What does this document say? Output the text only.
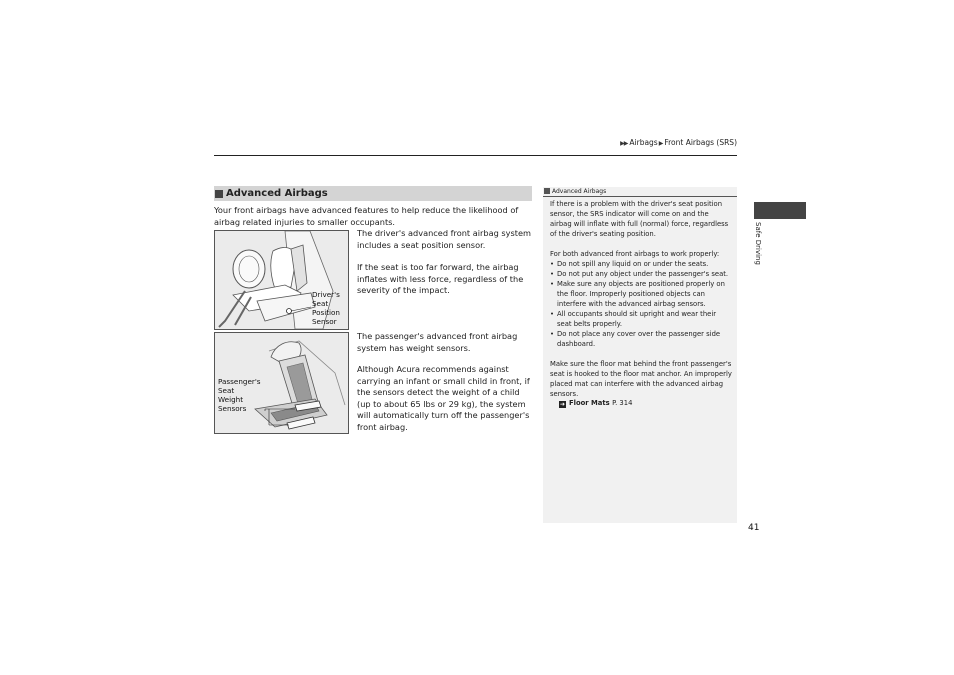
▶▶ Airbags▶ Front Airbags (SRS)
Advanced Airbags
Your front airbags have advanced features to help reduce the likelihood of airbag related injuries to smaller occupants.
Driver's
Seat
Position
Sensor
The driver's advanced front airbag system includes a seat position sensor.
If the seat is too far forward, the airbag inflates with less force, regardless of the severity of the impact.
Passenger's
Seat
Weight
Sensors
The passenger's advanced front airbag system has weight sensors.
Although Acura recommends against carrying an infant or small child in front, if the sensors detect the weight of a child (up to about 65 lbs or 29 kg), the system will automatically turn off the passenger's front airbag.
Advanced Airbags
If there is a problem with the driver's seat position sensor, the SRS indicator will come on and the airbag will inflate with full (normal) force, regardless of the driver's seating position.
For both advanced front airbags to work properly:
• Do not spill any liquid on or under the seats.
• Do not put any object under the passenger's seat.
• Make sure any objects are positioned properly on the floor. Improperly positioned objects can interfere with the advanced airbag sensors.
• All occupants should sit upright and wear their seat belts properly.
• Do not place any cover over the passenger side dashboard.
Make sure the floor mat behind the front passenger's seat is hooked to the floor mat anchor. An improperly placed mat can interfere with the advanced airbag sensors.
➜ Floor Mats P. 314
Safe Driving
41
